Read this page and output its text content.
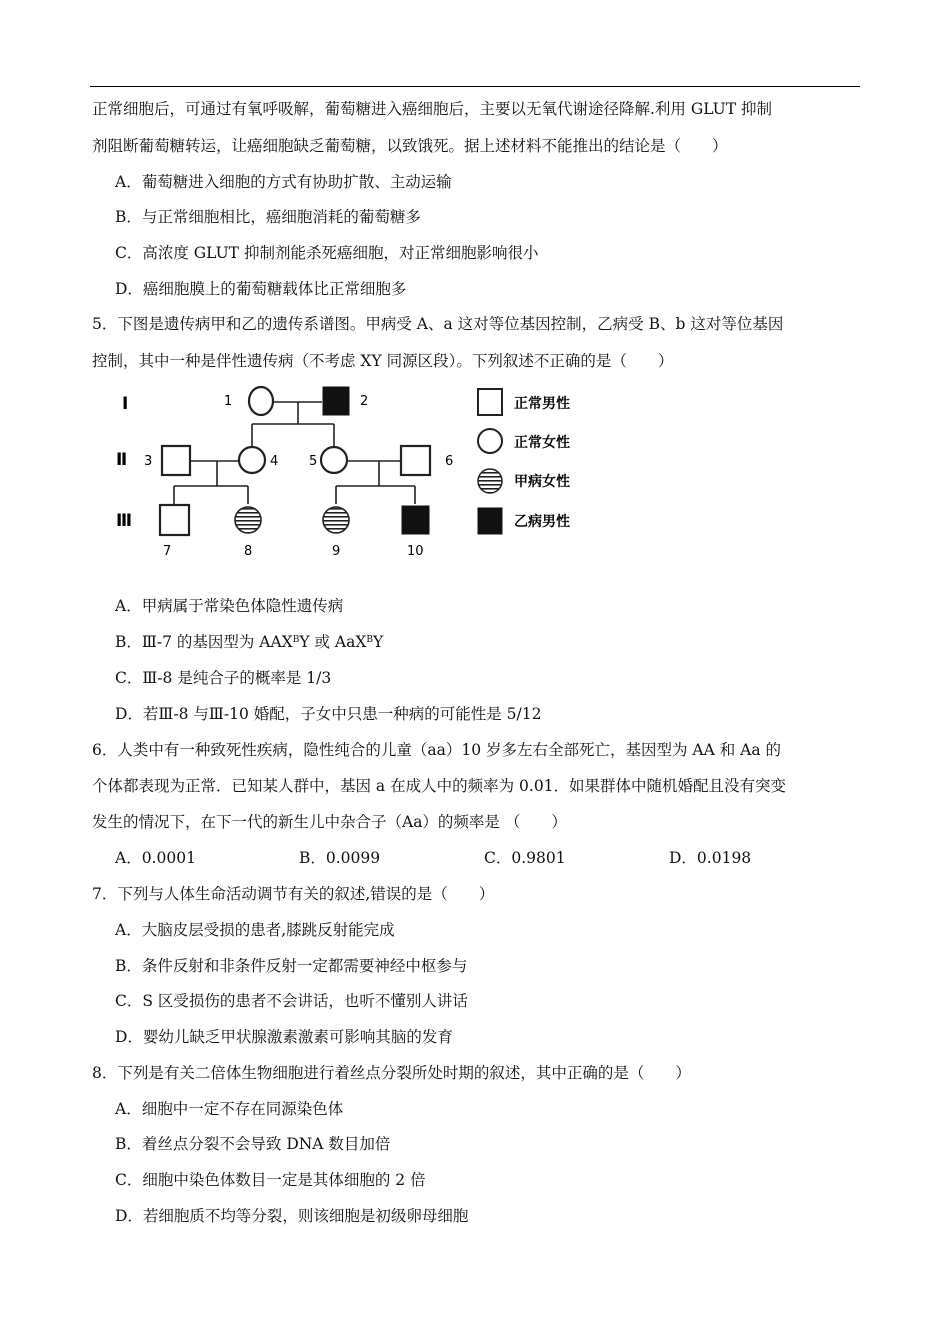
正常细胞后，可通过有氧呼吸解，葡萄糖进入癌细胞后，主要以无氧代谢途径降解.利用 GLUT 抑制
剂阻断葡萄糖转运，让癌细胞缺乏葡萄糖，以致饿死。据上述材料不能推出的结论是（　　）
A．葡萄糖进入细胞的方式有协助扩散、主动运输
B．与正常细胞相比，癌细胞消耗的葡萄糖多
C．高浓度 GLUT 抑制剂能杀死癌细胞，对正常细胞影响很小
D．癌细胞膜上的葡萄糖载体比正常细胞多
5．下图是遗传病甲和乙的遗传系谱图。甲病受 A、a 这对等位基因控制，乙病受 B、b 这对等位基因
控制，其中一种是伴性遗传病（不考虑 XY 同源区段）。下列叙述不正确的是（　　）
I
Ⅱ
Ⅲ
1	2
3	4 5	6
7	8	9	10
正常男性
正常女性
甲病女性
乙病男性
A．甲病属于常染色体隐性遗传病
B．Ⅲ-7 的基因型为 $AAX^BY$ 或 AaX$^B$Y
C．Ⅲ-8 是纯合子的概率是 1/3
D．若Ⅲ-8 与Ⅲ-10 婚配，子女中只患一种病的可能性是 5/12
6．人类中有一种致死性疾病，隐性纯合的儿童（aa）10 岁多左右全部死亡，基因型为 AA 和 Aa 的
个体都表现为正常．已知某人群中，基因 a 在成人中的频率为 0.01．如果群体中随机婚配且没有突变
发生的情况下，在下一代的新生儿中杂合子（Aa）的频率是 （　　）
A．0.0001	B．0.0099	C．0.9801	D．0.0198
7．下列与人体生命活动调节有关的叙述,错误的是（　　）
A．大脑皮层受损的患者,膝跳反射能完成
B．条件反射和非条件反射一定都需要神经中枢参与
C．S 区受损伤的患者不会讲话，也听不懂别人讲话
D．婴幼儿缺乏甲状腺激素激素可影响其脑的发育
8．下列是有关二倍体生物细胞进行着丝点分裂所处时期的叙述，其中正确的是（　　）
A．细胞中一定不存在同源染色体
B．着丝点分裂不会导致 DNA 数目加倍
C．细胞中染色体数目一定是其体细胞的 2 倍
D．若细胞质不均等分裂，则该细胞是初级卵母细胞
